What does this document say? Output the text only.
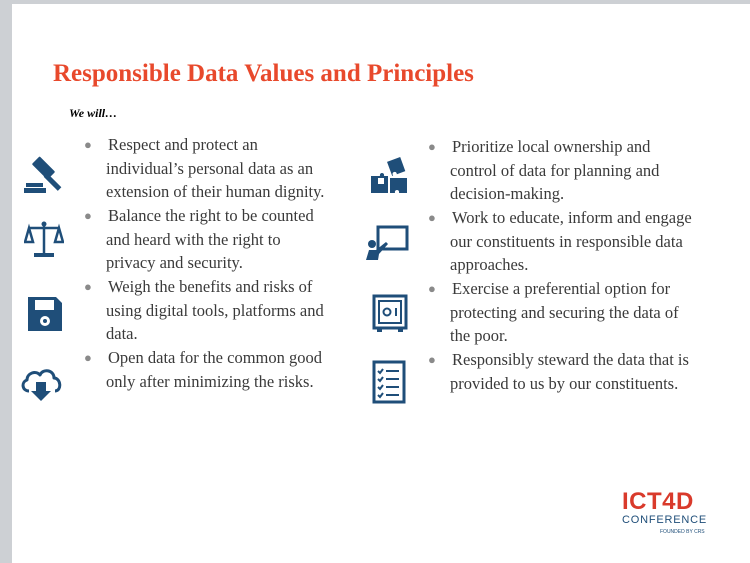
Responsible Data Values and Principles
We will…
● Respect and protect an
individual’s personal data as an
extension of their human dignity.
● Balance the right to be counted
and heard with the right to
privacy and security.
● Weigh the benefits and risks of
using digital tools, platforms and
data.
● Open data for the common good
only after minimizing the risks.
● Prioritize local ownership and
control of data for planning and
decision-making.
● Work to educate, inform and engage
our constituents in responsible data
approaches.
● Exercise a preferential option for
protecting and securing the data of
the poor.
● Responsibly steward the data that is
provided to us by our constituents.
ICT4D
CONFERENCE
FOUNDED BY CRS
